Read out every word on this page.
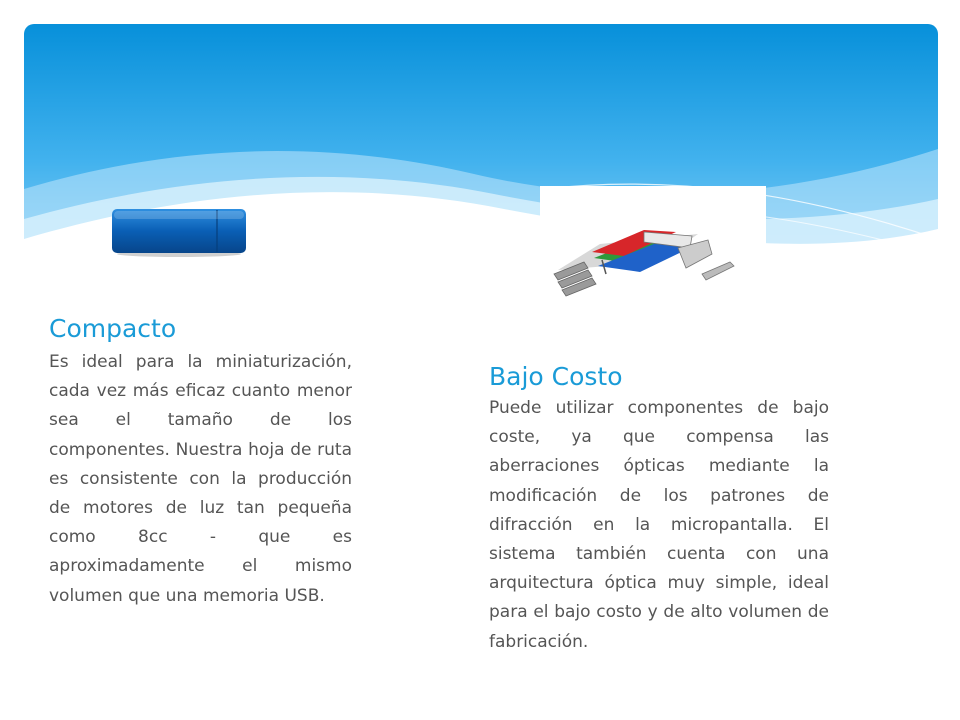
Compacto

Es ideal para la miniaturización, cada vez más eficaz cuanto menor sea el tamaño de los componentes. Nuestra hoja de ruta es consistente con la producción de motores de luz tan pequeña como 8cc - que es aproximadamente el mismo volumen que una memoria USB.

Bajo Costo

Puede utilizar componentes de bajo coste, ya que compensa las aberraciones ópticas mediante la modificación de los patrones de difracción en la micropantalla. El sistema también cuenta con una arquitectura óptica muy simple, ideal para el bajo costo y de alto volumen de fabricación.
